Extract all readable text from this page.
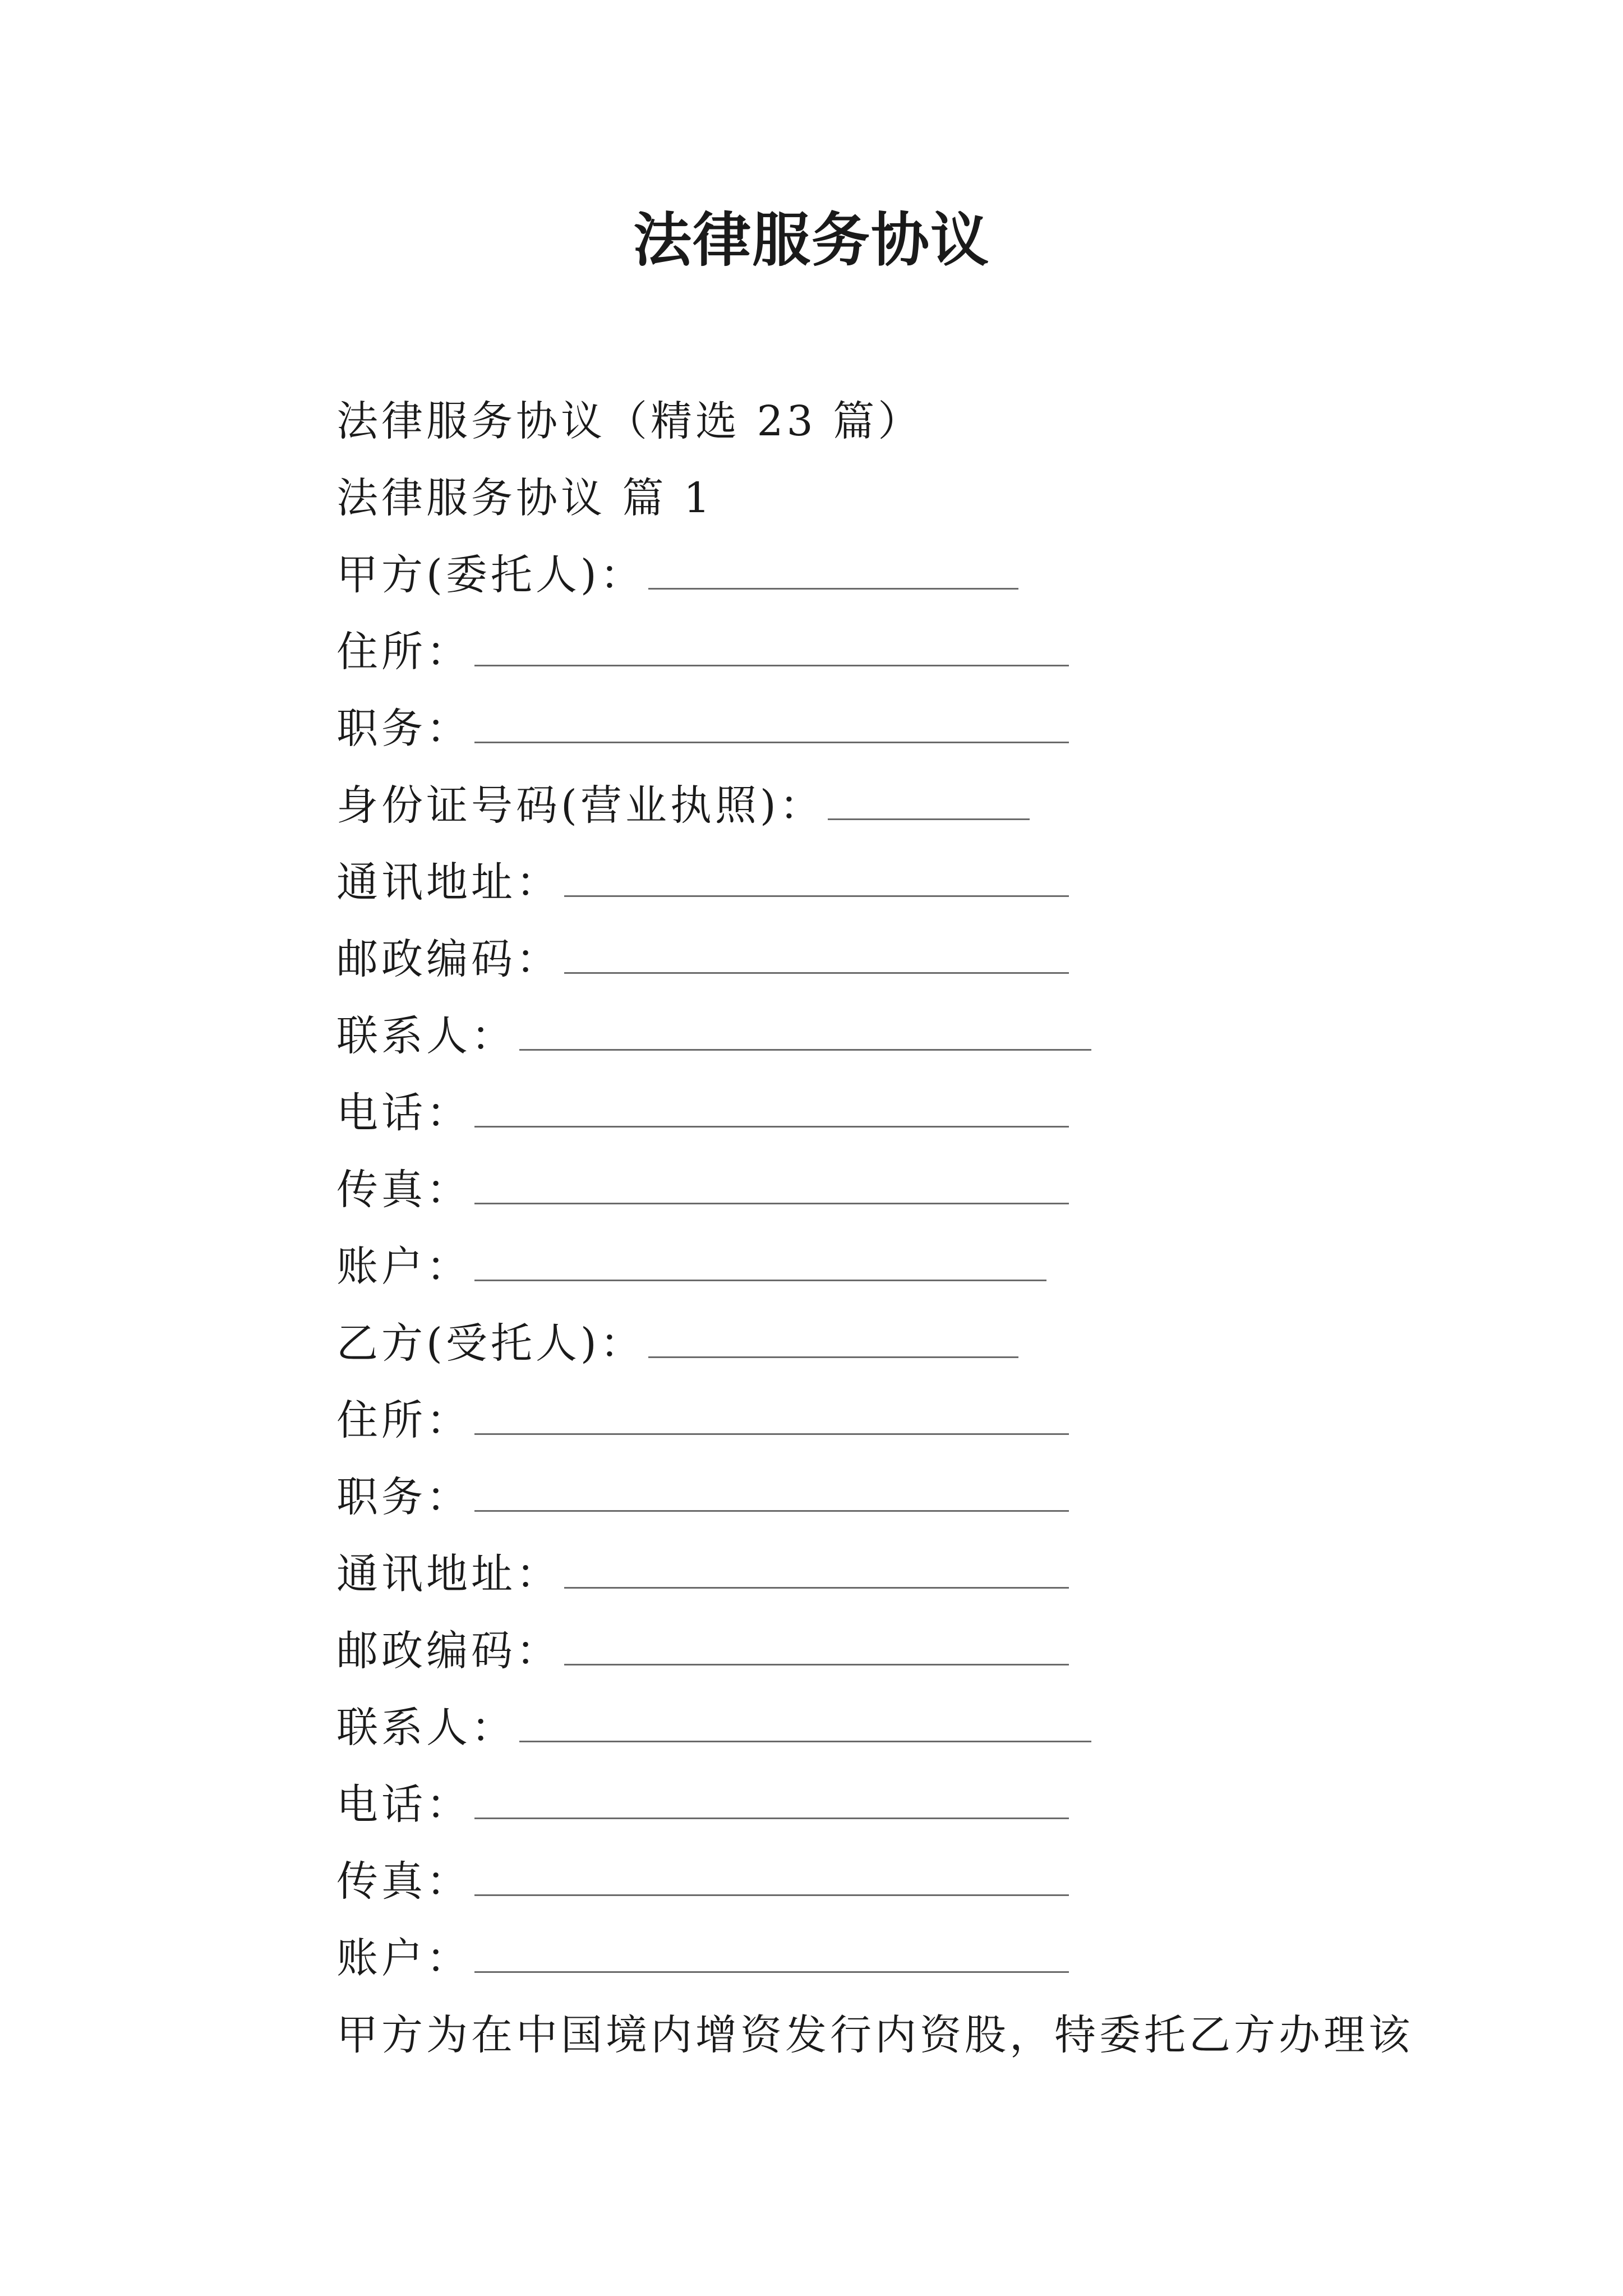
法律服务协议
法律服务协议（精选 23 篇）
法律服务协议 篇 1
甲方(委托人)：
住所：
职务：
身份证号码(营业执照)：
通讯地址：
邮政编码：
联系人：
电话：
传真：
账户：
乙方(受托人)：
住所：
职务：
通讯地址：
邮政编码：
联系人：
电话：
传真：
账户：
甲方为在中国境内增资发行内资股，特委托乙方办理该
